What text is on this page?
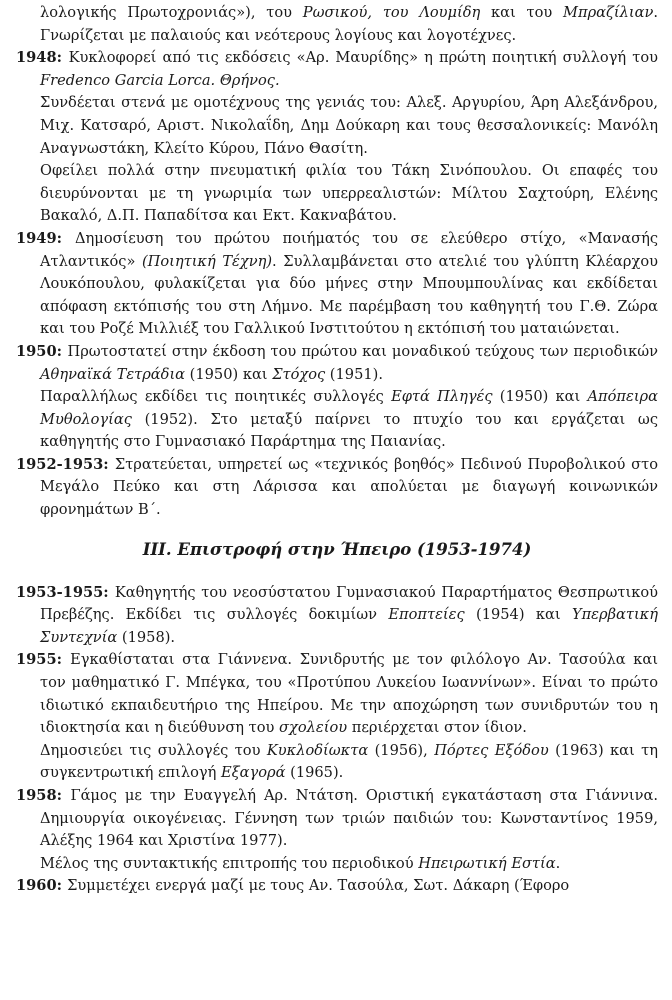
λολογικής Πρωτοχρονιάς»), του Ρωσικού, του Λουμίδη και του Μπραζίλιαν. Γνωρίζεται με παλαιούς και νεότερους λογίους και λογοτέχνες.

1948: Κυκλοφορεί από τις εκδόσεις «Αρ. Μαυρίδης» η πρώτη ποιητική συλλογή του Fredenco Garcia Lorca. Θρήνος.

Συνδέεται στενά με ομοτέχνους της γενιάς του: Αλεξ. Αργυρίου, Άρη Αλεξάνδρου, Μιχ. Κατσαρό, Αριστ. Νικολαΐδη, Δημ Δούκαρη και τους θεσσαλονικείς: Μανόλη Αναγνωστάκη, Κλείτο Κύρου, Πάνο Θασίτη.

Οφείλει πολλά στην πνευματική φιλία του Τάκη Σινόπουλου. Οι επαφές του διευρύνονται με τη γνωριμία των υπερρεαλιστών: Μίλτου Σαχτούρη, Ελένης Βακαλό, Δ.Π. Παπαδίτσα και Εκτ. Κακναβάτου.

1949: Δημοσίευση του πρώτου ποιήματός του σε ελεύθερο στίχο, «Μανασής Ατλαντικός» (Ποιητική Τέχνη). Συλλαμβάνεται στο ατελιέ του γλύπτη Κλέαρχου Λουκόπουλου, φυλακίζεται για δύο μήνες στην Μπουμπουλίνας και εκδίδεται απόφαση εκτόπισής του στη Λήμνο. Με παρέμβαση του καθηγητή του Γ.Θ. Ζώρα και του Ροζέ Μιλλιέξ του Γαλλικού Ινστιτούτου η εκτόπισή του ματαιώνεται.

1950: Πρωτοστατεί στην έκδοση του πρώτου και μοναδικού τεύχους των περιοδικών Αθηναϊκά Τετράδια (1950) και Στόχος (1951).

Παραλλήλως εκδίδει τις ποιητικές συλλογές Εφτά Πληγές (1950) και Απόπειρα Μυθολογίας (1952). Στο μεταξύ παίρνει το πτυχίο του και εργάζεται ως καθηγητής στο Γυμνασιακό Παράρτημα της Παιανίας.

1952-1953: Στρατεύεται, υπηρετεί ως «τεχνικός βοηθός» Πεδινού Πυροβολικού στο Μεγάλο Πεύκο και στη Λάρισσα και απολύεται με διαγωγή κοινωνικών φρονημάτων Β΄.

III. Επιστροφή στην Ήπειρο (1953-1974)

1953-1955: Καθηγητής του νεοσύστατου Γυμνασιακού Παραρτήματος Θεσπρωτικού Πρεβέζης. Εκδίδει τις συλλογές δοκιμίων Εποπτείες (1954) και Υπερβατική Συντεχνία (1958).

1955: Εγκαθίσταται στα Γιάννενα. Συνιδρυτής με τον φιλόλογο Αν. Τασούλα και τον μαθηματικό Γ. Μπέγκα, του «Προτύπου Λυκείου Ιωαννίνων». Είναι το πρώτο ιδιωτικό εκπαιδευτήριο της Ηπείρου. Με την αποχώρηση των συνιδρυτών του η ιδιοκτησία και η διεύθυνση του σχολείου περιέρχεται στον ίδιον.

Δημοσιεύει τις συλλογές του Κυκλοδίωκτα (1956), Πόρτες Εξόδου (1963) και τη συγκεντρωτική επιλογή Εξαγορά (1965).

1958: Γάμος με την Ευαγγελή Αρ. Ντάτση. Οριστική εγκατάσταση στα Γιάννινα. Δημιουργία οικογένειας. Γέννηση των τριών παιδιών του: Κωνσταντίνος 1959, Αλέξης 1964 και Χριστίνα 1977).

Μέλος της συντακτικής επιτροπής του περιοδικού Ηπειρωτική Εστία.

1960: Συμμετέχει ενεργά μαζί με τους Αν. Τασούλα, Σωτ. Δάκαρη (Έφορο
